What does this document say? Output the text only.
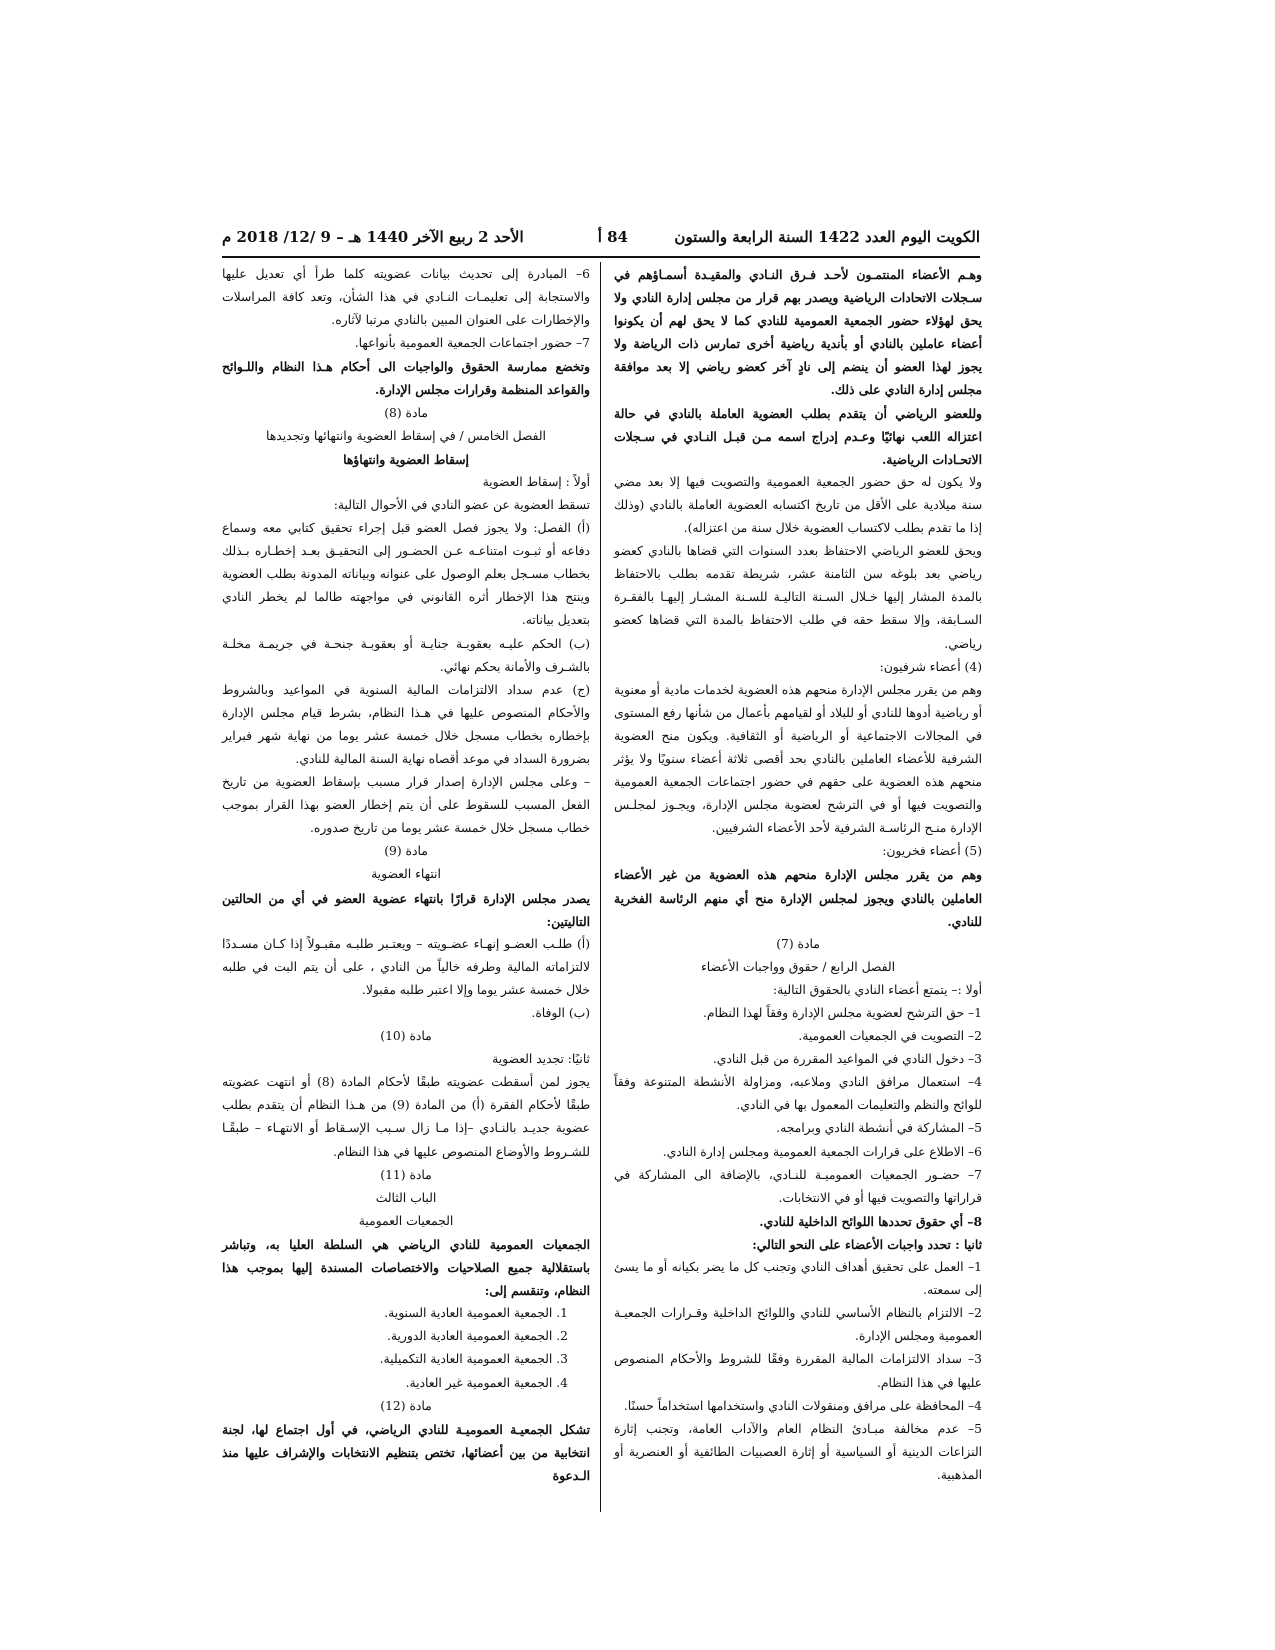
الكويت اليوم العدد 1422 السنة الرابعة والستون
84 أ
الأحد 2 ربيع الآخر 1440 هـ – 9 /12/ 2018 م

وهـم الأعضاء المنتمـون لأحـد فـرق النـادي والمقيـدة أسمـاؤهم في سـجلات الاتحادات الرياضية ويصدر بهم قرار من مجلس إدارة النادي ولا يحق لهؤلاء حضور الجمعية العمومية للنادي كما لا يحق لهم أن يكونوا أعضاء عاملين بالنادي أو بأندية رياضية أخرى تمارس ذات الرياضة ولا يجوز لهذا العضو أن ينضم إلى نادٍ آخر كعضو رياضي إلا بعد موافقة مجلس إدارة النادي على ذلك.

وللعضو الرياضي أن يتقدم بطلب العضوية العاملة بالنادي في حالة اعتزاله اللعب نهائيًا وعـدم إدراج اسمه مـن قبـل النـادي في سـجلات الاتحـادات الرياضية.

ولا يكون له حق حضور الجمعية العمومية والتصويت فيها إلا بعد مضي سنة ميلادية على الأقل من تاريخ اكتسابه العضوية العاملة بالنادي (وذلك إذا ما تقدم بطلب لاكتساب العضوية خلال سنة من اعتزاله).

ويحق للعضو الرياضي الاحتفاظ بعدد السنوات التي قضاها بالنادي كعضو رياضي بعد بلوغه سن الثامنة عشر، شريطة تقدمه بطلب بالاحتفاظ بالمدة المشار إليها خـلال السـنة التاليـة للسـنة المشـار إليهـا بالفقـرة السـابقة، وإلا سقط حقه في طلب الاحتفاظ بالمدة التي قضاها كعضو رياضي.

(4) أعضاء شرفيون:

وهم من يقرر مجلس الإدارة منحهم هذه العضوية لخدمات مادية أو معنوية أو رياضية أدوها للنادي أو للبلاد أو لقيامهم بأعمال من شأنها رفع المستوى في المجالات الاجتماعية أو الرياضية أو الثقافية. ويكون منح العضوية الشرفية للأعضاء العاملين بالنادي بحد أقصى ثلاثة أعضاء سنويًا ولا يؤثر منحهم هذه العضوية على حقهم في حضور اجتماعات الجمعية العمومية والتصويت فيها أو في الترشح لعضوية مجلس الإدارة، ويجـوز لمجلـس الإدارة منـح الرئاسـة الشرفية لأحد الأعضاء الشرفيين.

(5) أعضاء فخريون:

وهم من يقرر مجلس الإدارة منحهم هذه العضوية من غير الأعضاء العاملين بالنادي ويجوز لمجلس الإدارة منح أي منهم الرئاسة الفخرية للنادي.

مادة (7)

الفصل الرابع / حقوق وواجبات الأعضاء

أولا :– يتمتع أعضاء النادي بالحقوق التالية:

1– حق الترشح لعضوية مجلس الإدارة وفقاً لهذا النظام.

2– التصويت في الجمعيات العمومية.

3– دخول النادي في المواعيد المقررة من قبل النادي.

4– استعمال مرافق النادي وملاعبه، ومزاولة الأنشطة المتنوعة وفقاً للوائح والنظم والتعليمات المعمول بها في النادي.

5– المشاركة في أنشطة النادي وبرامجه.

6– الاطلاع على قرارات الجمعية العمومية ومجلس إدارة النادي.

7– حضـور الجمعيات العموميـة للنـادي، بالإضافة الى المشاركة في قراراتها والتصويت فيها أو في الانتخابات.

8– أي حقوق تحددها اللوائح الداخلية للنادي.

ثانيا : تحدد واجبات الأعضاء على النحو التالي:

1– العمل على تحقيق أهداف النادي وتجنب كل ما يضر بكيانه أو ما يسئ إلى سمعته.

2– الالتزام بالنظام الأساسي للنادي واللوائح الداخلية وقـرارات الجمعيـة العمومية ومجلس الإدارة.

3– سداد الالتزامات المالية المقررة وفقًا للشروط والأحكام المنصوص عليها في هذا النظام.

4– المحافظة على مرافق ومنقولات النادي واستخدامها استخداماً حسنًا.

5– عدم مخالفة مبـادئ النظام العام والآداب العامة، وتجنب إثارة النزاعات الدينية أو السياسية أو إثارة العصبيات الطائفية أو العنصرية أو المذهبية.

6– المبادرة إلى تحديث بيانات عضويته كلما طرأ أي تعديل عليها والاستجابة إلى تعليمـات النـادي في هذا الشأن، وتعد كافة المراسلات والإخطارات على العنوان المبين بالنادي مرتبا لآثاره.

7– حضور اجتماعات الجمعية العمومية بأنواعها.

وتخضع ممارسة الحقوق والواجبات الى أحكام هـذا النظام واللـوائح والقواعد المنظمة وقرارات مجلس الإدارة.

مادة (8)

الفصل الخامس / في إسقاط العضوية وانتهائها وتجديدها

إسقاط العضوية وانتهاؤها

أولاً : إسقاط العضوية

تسقط العضوية عن عضو النادي في الأحوال التالية:

(أ) الفصل: ولا يجوز فصل العضو قبل إجراء تحقيق كتابي معه وسماع دفاعه أو ثبـوت امتناعـه عـن الحضـور إلى التحقيـق بعـد إخطـاره بـذلك بخطاب مسـجل بعلم الوصول على عنوانه وبياناته المدونة بطلب العضوية وينتج هذا الإخطار أثره القانوني في مواجهته طالما لم يخطر النادي بتعديل بياناته.

(ب) الحكم عليـه بعقوبـة جنايـة أو بعقوبـة جنحـة في جريمـة مخلـة بالشـرف والأمانة بحكم نهائي.

(ج) عدم سداد الالتزامات المالية السنوية في المواعيد وبالشروط والأحكام المنصوص عليها في هـذا النظام، بشرط قيام مجلس الإدارة بإخطاره بخطاب مسجل خلال خمسة عشر يوما من نهاية شهر فبراير بضرورة السداد في موعد أقصاه نهاية السنة المالية للنادي.

– وعلى مجلس الإدارة إصدار قرار مسبب بإسقاط العضوية من تاريخ الفعل المسبب للسقوط على أن يتم إخطار العضو بهذا القرار بموجب خطاب مسجل خلال خمسة عشر يوما من تاريخ صدوره.

مادة (9)

انتهاء العضوية

يصدر مجلس الإدارة قرارًا بانتهاء عضوية العضو في أي من الحالتين التاليتين:

(أ) طلـب العضـو إنهـاء عضـويته – ويعتـبر طلبـه مقبـولاً إذا كـان مسـددًا لالتزاماته المالية وطرفه خالياً من النادي ، على أن يتم البت في طلبه خلال خمسة عشر يوما وإلا اعتبر طلبه مقبولا.

(ب) الوفاة.

مادة (10)

ثانيًا: تجديد العضوية

يجوز لمن أسقطت عضويته طبقًا لأحكام المادة (8) أو انتهت عضويته طبقًا لأحكام الفقرة (أ) من المادة (9) من هـذا النظام أن يتقدم بطلب عضوية جديـد بالنـادي –إذا مـا زال سـبب الإسـقاط أو الانتهـاء – طبقًـا للشـروط والأوضاع المنصوص عليها في هذا النظام.

مادة (11)

الباب الثالث

الجمعيات العمومية

الجمعيات العمومية للنادي الرياضي هي السلطة العليا به، وتباشر باستقلالية جميع الصلاحيات والاختصاصات المسندة إليها بموجب هذا النظام، وتنقسم إلى:

1. الجمعية العمومية العادية السنوية.

2. الجمعية العمومية العادية الدورية.

3. الجمعية العمومية العادية التكميلية.

4. الجمعية العمومية غير العادية.

مادة (12)

تشكل الجمعيـة العموميـة للنادي الرياضي، في أول اجتماع لها، لجنة انتخابية من بين أعضائها، تختص بتنظيم الانتخابات والإشراف عليها منذ الـدعوة
